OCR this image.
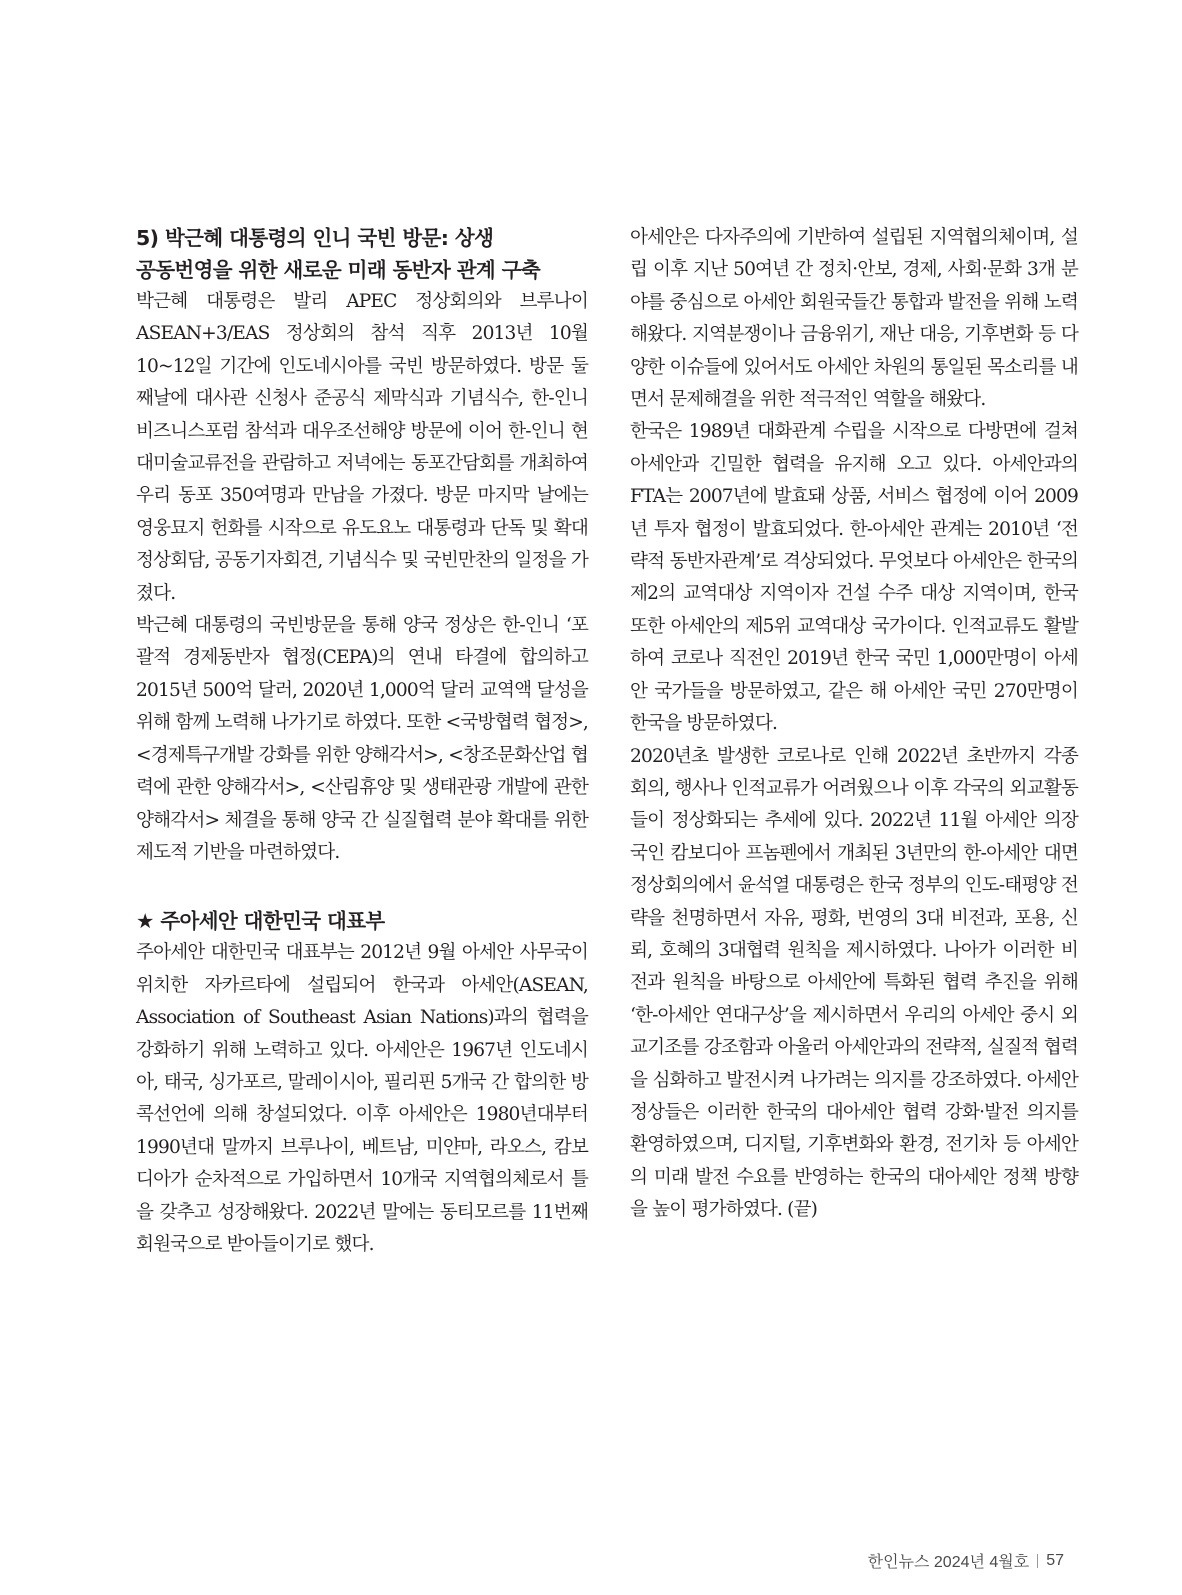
5) 박근혜 대통령의 인니 국빈 방문: 상생
공동번영을 위한 새로운 미래 동반자 관계 구축

박근혜 대통령은 발리 APEC 정상회의와 브루나이 ASEAN+3/EAS 정상회의 참석 직후 2013년 10월 10~12일 기간에 인도네시아를 국빈 방문하였다. 방문 둘째날에 대사관 신청사 준공식 제막식과 기념식수, 한-인니 비즈니스포럼 참석과 대우조선해양 방문에 이어 한-인니 현대미술교류전을 관람하고 저녁에는 동포간담회를 개최하여 우리 동포 350여명과 만남을 가졌다. 방문 마지막 날에는 영웅묘지 헌화를 시작으로 유도요노 대통령과 단독 및 확대 정상회담, 공동기자회견, 기념식수 및 국빈만찬의 일정을 가졌다.

박근혜 대통령의 국빈방문을 통해 양국 정상은 한-인니 ‘포괄적 경제동반자 협정(CEPA)의 연내 타결에 합의하고 2015년 500억 달러, 2020년 1,000억 달러 교역액 달성을 위해 함께 노력해 나가기로 하였다. 또한 <국방협력 협정>, <경제특구개발 강화를 위한 양해각서>, <창조문화산업 협력에 관한 양해각서>, <산림휴양 및 생태관광 개발에 관한 양해각서> 체결을 통해 양국 간 실질협력 분야 확대를 위한 제도적 기반을 마련하였다.

★ 주아세안 대한민국 대표부

주아세안 대한민국 대표부는 2012년 9월 아세안 사무국이 위치한 자카르타에 설립되어 한국과 아세안(ASEAN, Association of Southeast Asian Nations)과의 협력을 강화하기 위해 노력하고 있다. 아세안은 1967년 인도네시아, 태국, 싱가포르, 말레이시아, 필리핀 5개국 간 합의한 방콕선언에 의해 창설되었다. 이후 아세안은 1980년대부터 1990년대 말까지 브루나이, 베트남, 미얀마, 라오스, 캄보디아가 순차적으로 가입하면서 10개국 지역협의체로서 틀을 갖추고 성장해왔다. 2022년 말에는 동티모르를 11번째 회원국으로 받아들이기로 했다.

아세안은 다자주의에 기반하여 설립된 지역협의체이며, 설립 이후 지난 50여년 간 정치·안보, 경제, 사회·문화 3개 분야를 중심으로 아세안 회원국들간 통합과 발전을 위해 노력해왔다. 지역분쟁이나 금융위기, 재난 대응, 기후변화 등 다양한 이슈들에 있어서도 아세안 차원의 통일된 목소리를 내면서 문제해결을 위한 적극적인 역할을 해왔다.

한국은 1989년 대화관계 수립을 시작으로 다방면에 걸쳐 아세안과 긴밀한 협력을 유지해 오고 있다. 아세안과의 FTA는 2007년에 발효돼 상품, 서비스 협정에 이어 2009년 투자 협정이 발효되었다. 한-아세안 관계는 2010년 ‘전략적 동반자관계’로 격상되었다. 무엇보다 아세안은 한국의 제2의 교역대상 지역이자 건설 수주 대상 지역이며, 한국 또한 아세안의 제5위 교역대상 국가이다. 인적교류도 활발하여 코로나 직전인 2019년 한국 국민 1,000만명이 아세안 국가들을 방문하였고, 같은 해 아세안 국민 270만명이 한국을 방문하였다.

2020년초 발생한 코로나로 인해 2022년 초반까지 각종 회의, 행사나 인적교류가 어려웠으나 이후 각국의 외교활동들이 정상화되는 추세에 있다. 2022년 11월 아세안 의장국인 캄보디아 프놈펜에서 개최된 3년만의 한-아세안 대면 정상회의에서 윤석열 대통령은 한국 정부의 인도-태평양 전략을 천명하면서 자유, 평화, 번영의 3대 비전과, 포용, 신뢰, 호혜의 3대협력 원칙을 제시하였다. 나아가 이러한 비전과 원칙을 바탕으로 아세안에 특화된 협력 추진을 위해 ‘한-아세안 연대구상’을 제시하면서 우리의 아세안 중시 외교기조를 강조함과 아울러 아세안과의 전략적, 실질적 협력을 심화하고 발전시켜 나가려는 의지를 강조하였다. 아세안 정상들은 이러한 한국의 대아세안 협력 강화·발전 의지를 환영하였으며, 디지털, 기후변화와 환경, 전기차 등 아세안의 미래 발전 수요를 반영하는 한국의 대아세안 정책 방향을 높이 평가하였다. (끝)

한인뉴스 2024년 4월호 57
